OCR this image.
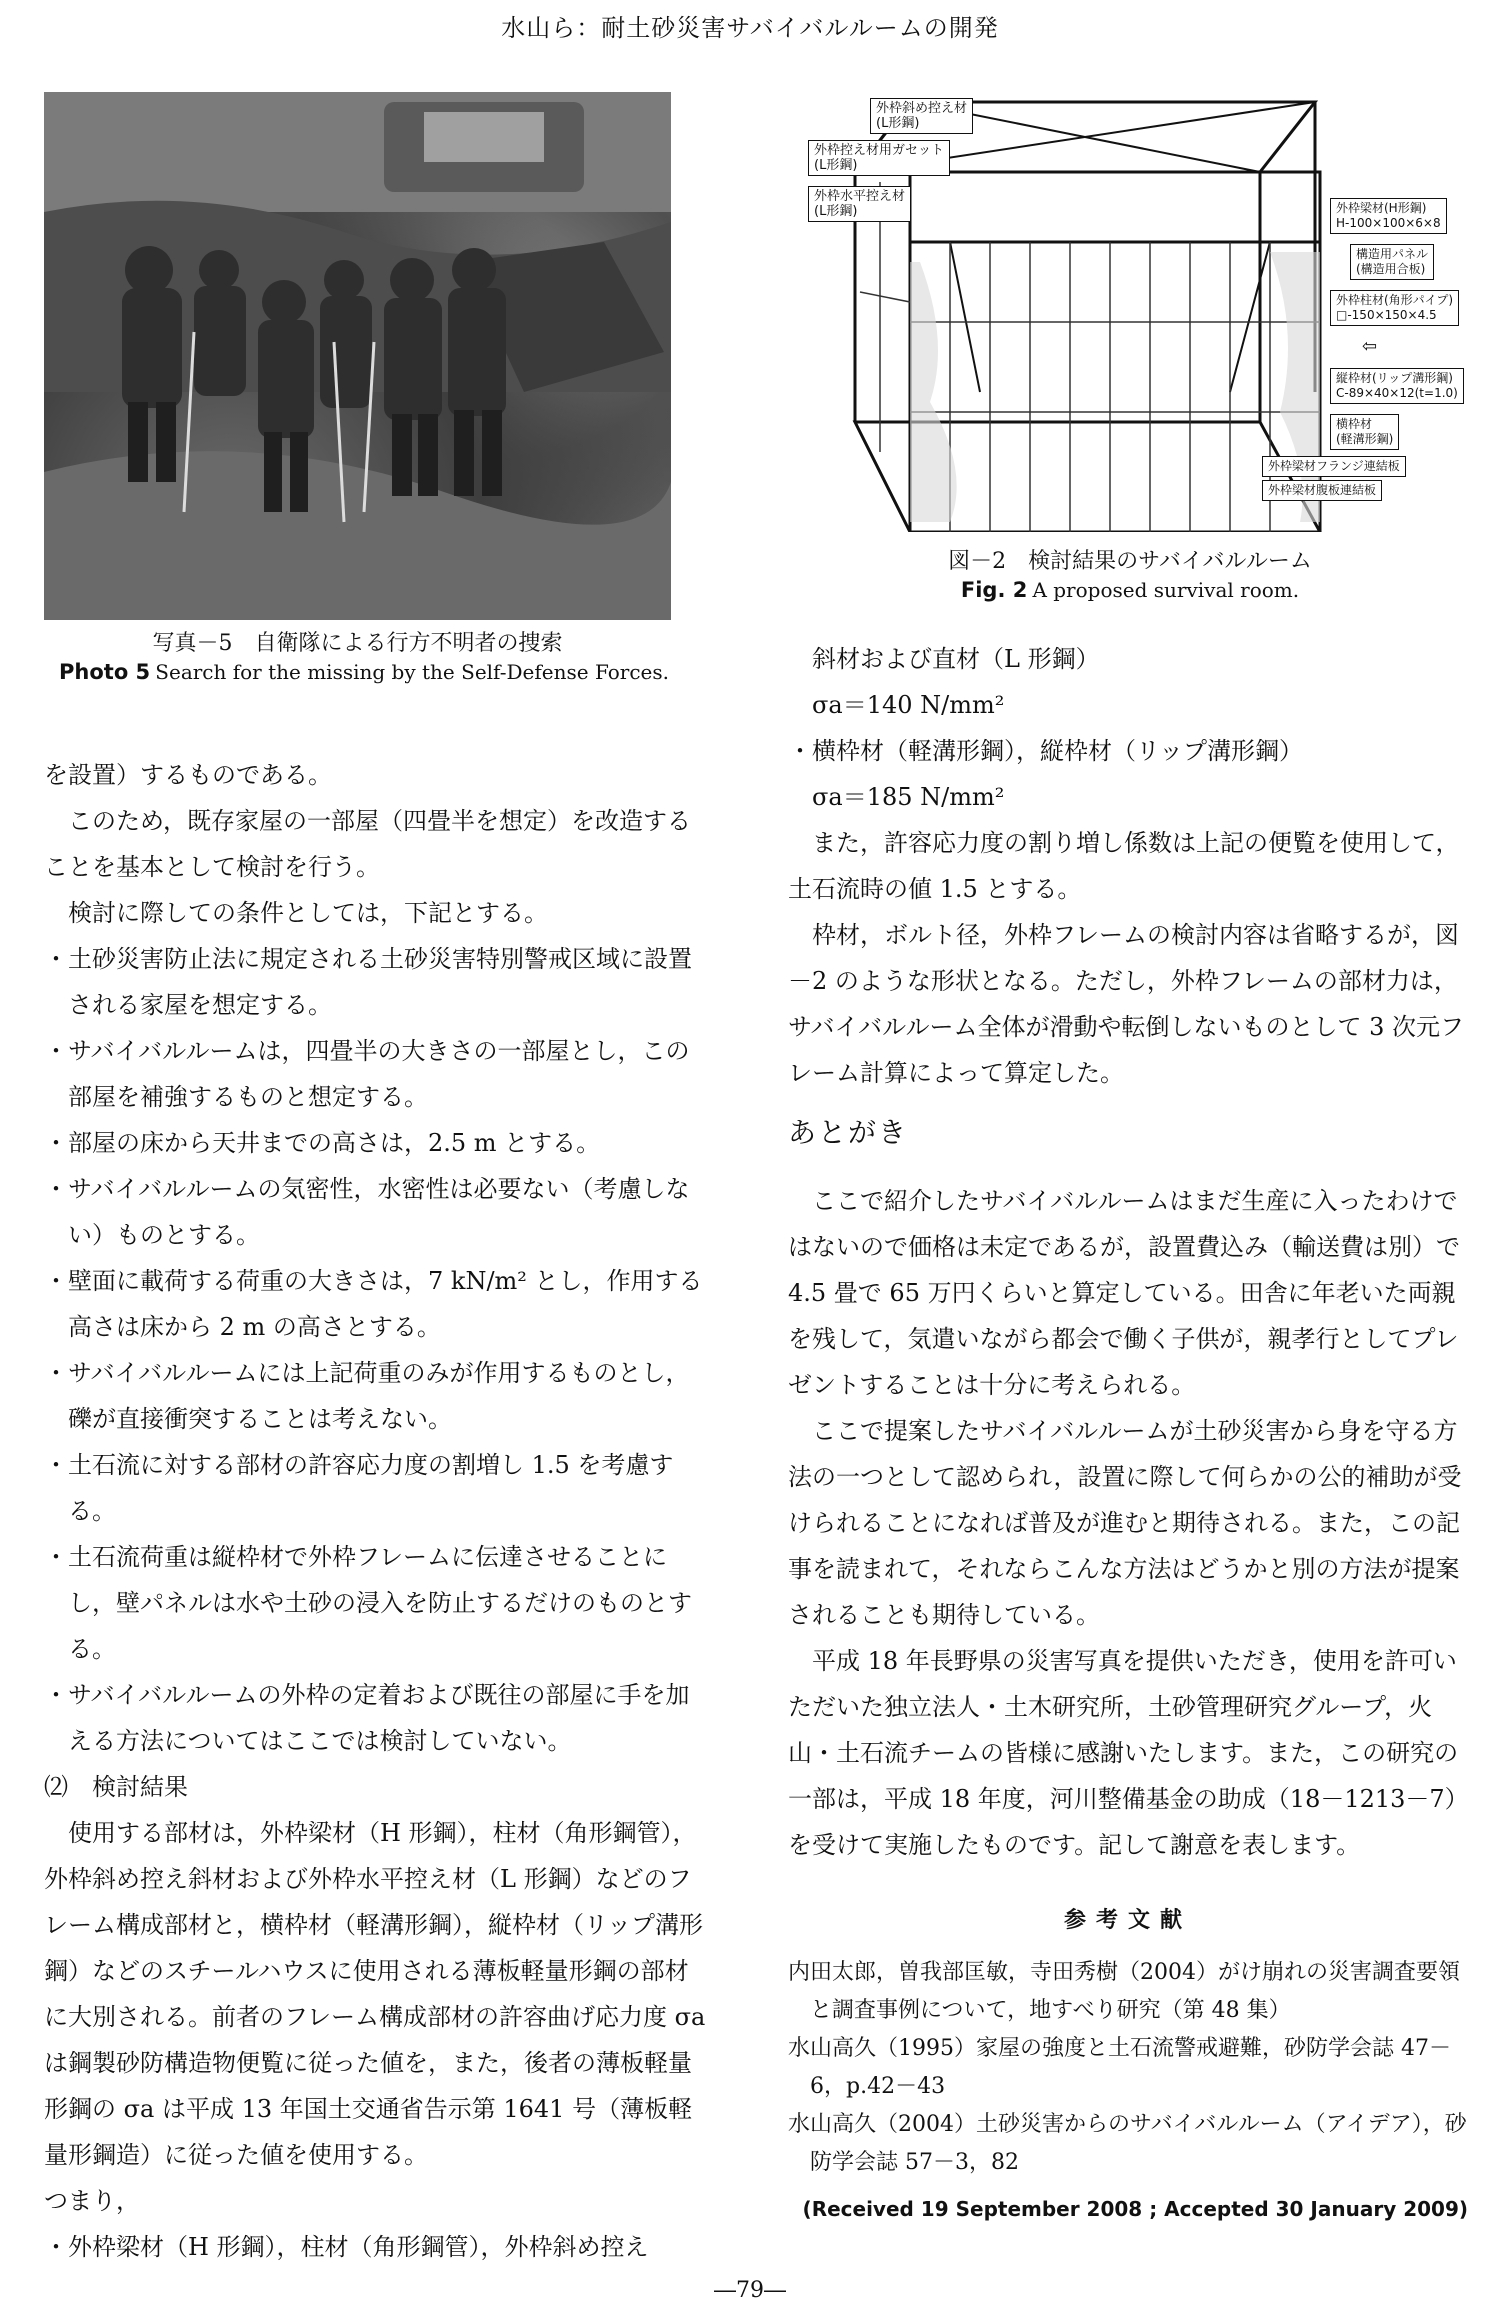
水山ら：耐土砂災害サバイバルルームの開発
写真－5　自衛隊による行方不明者の捜索
Photo 5 Search for the missing by the Self-Defense Forces.
外枠斜め控え材
(L形鋼)
外枠控え材用ガセット
(L形鋼)
外枠水平控え材
(L形鋼)	外枠梁材(H形鋼)
H-100×100×6×8
構造用パネル
(構造用合板)
外枠柱材(角形パイプ)
□-150×150×4.5
⇦
縦枠材(リップ溝形鋼)
C-89×40×12(t=1.0)
横枠材
(軽溝形鋼)
外枠梁材フランジ連結板
外枠梁材腹板連結板
図－2　検討結果のサバイバルルーム
Fig. 2 A proposed survival room.

を設置）するものである。

このため，既存家屋の一部屋（四畳半を想定）を改造することを基本として検討を行う。

検討に際しての条件としては，下記とする。

・土砂災害防止法に規定される土砂災害特別警戒区域に設置される家屋を想定する。

・サバイバルルームは，四畳半の大きさの一部屋とし，この部屋を補強するものと想定する。

・部屋の床から天井までの高さは，2.5 m とする。

・サバイバルルームの気密性，水密性は必要ない（考慮しない）ものとする。

・壁面に載荷する荷重の大きさは，7 kN/m² とし，作用する高さは床から 2 m の高さとする。

・サバイバルルームには上記荷重のみが作用するものとし，礫が直接衝突することは考えない。

・土石流に対する部材の許容応力度の割増し 1.5 を考慮する。

・土石流荷重は縦枠材で外枠フレームに伝達させることにし，壁パネルは水や土砂の浸入を防止するだけのものとする。

・サバイバルルームの外枠の定着および既往の部屋に手を加える方法についてはここでは検討していない。

⑵　検討結果

使用する部材は，外枠梁材（H 形鋼），柱材（角形鋼管），外枠斜め控え斜材および外枠水平控え材（L 形鋼）などのフレーム構成部材と，横枠材（軽溝形鋼），縦枠材（リップ溝形鋼）などのスチールハウスに使用される薄板軽量形鋼の部材に大別される。前者のフレーム構成部材の許容曲げ応力度 σa は鋼製砂防構造物便覧に従った値を，また，後者の薄板軽量形鋼の σa は平成 13 年国土交通省告示第 1641 号（薄板軽量形鋼造）に従った値を使用する。

つまり，

・外枠梁材（H 形鋼），柱材（角形鋼管），外枠斜め控え

斜材および直材（L 形鋼）

σa＝140 N/mm²

・横枠材（軽溝形鋼），縦枠材（リップ溝形鋼）

σa＝185 N/mm²

また，許容応力度の割り増し係数は上記の便覧を使用して，土石流時の値 1.5 とする。

枠材，ボルト径，外枠フレームの検討内容は省略するが，図－2 のような形状となる。ただし，外枠フレームの部材力は，サバイバルルーム全体が滑動や転倒しないものとして 3 次元フレーム計算によって算定した。

あとがき

ここで紹介したサバイバルルームはまだ生産に入ったわけではないので価格は未定であるが，設置費込み（輸送費は別）で 4.5 畳で 65 万円くらいと算定している。田舎に年老いた両親を残して，気遣いながら都会で働く子供が，親孝行としてプレゼントすることは十分に考えられる。

ここで提案したサバイバルルームが土砂災害から身を守る方法の一つとして認められ，設置に際して何らかの公的補助が受けられることになれば普及が進むと期待される。また，この記事を読まれて，それならこんな方法はどうかと別の方法が提案されることも期待している。

平成 18 年長野県の災害写真を提供いただき，使用を許可いただいた独立法人・土木研究所，土砂管理研究グループ，火山・土石流チームの皆様に感謝いたします。また，この研究の一部は，平成 18 年度，河川整備基金の助成（18－1213－7）を受けて実施したものです。記して謝意を表します。

参考文献

内田太郎，曽我部匡敏，寺田秀樹（2004）がけ崩れの災害調査要領と調査事例について，地すべり研究（第 48 集）

水山高久（1995）家屋の強度と土石流警戒避難，砂防学会誌 47－6，p.42－43

水山高久（2004）土砂災害からのサバイバルルーム（アイデア），砂防学会誌 57－3，82

(Received 19 September 2008 ; Accepted 30 January 2009)
―79―
